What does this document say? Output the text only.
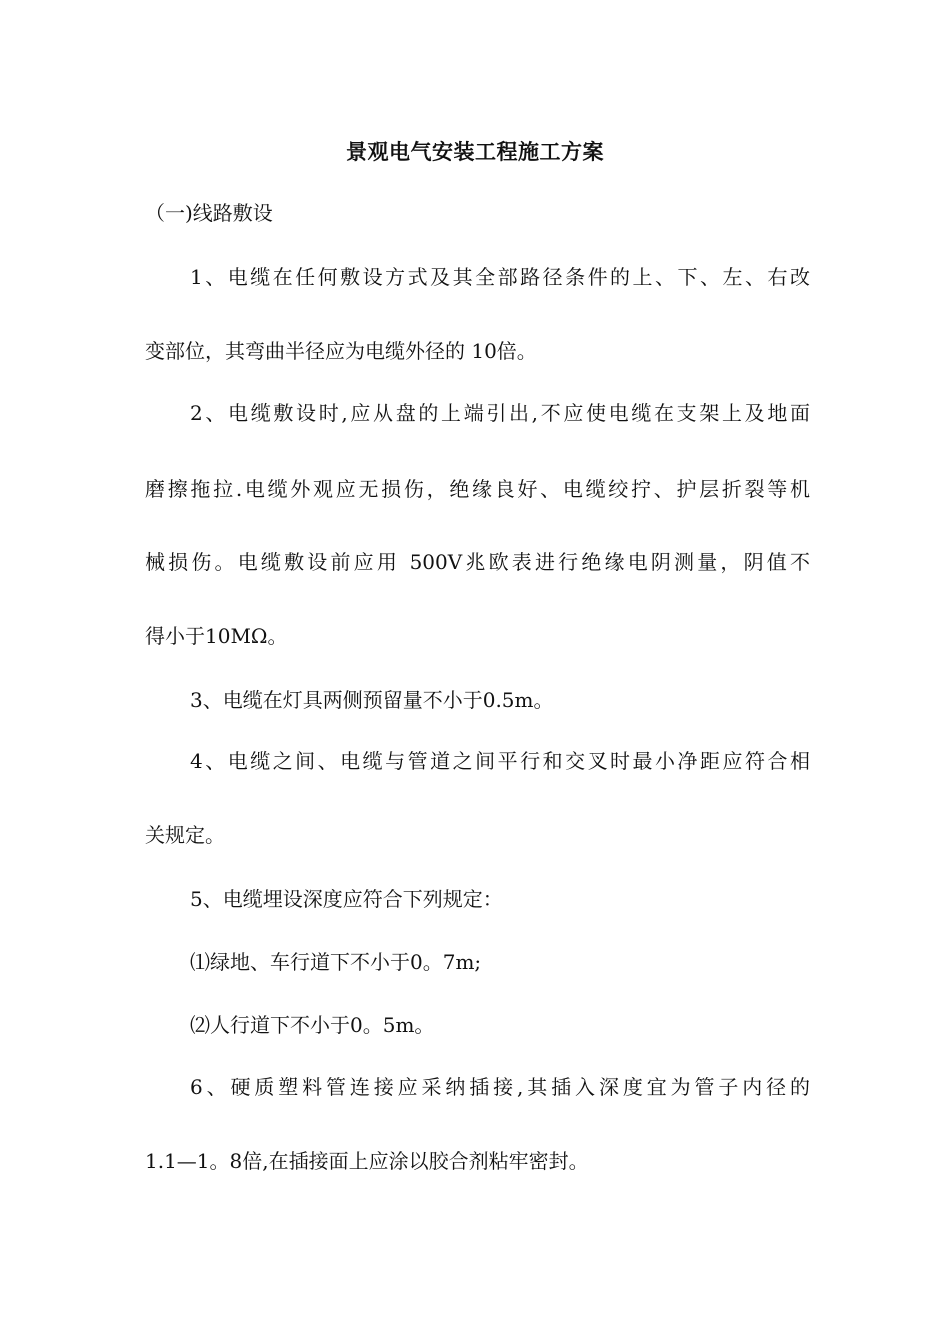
景观电气安装工程施工方案
（一)线路敷设
1、电缆在任何敷设方式及其全部路径条件的上、下、左、右改
变部位，其弯曲半径应为电缆外径的 10倍。
2、电缆敷设时,应从盘的上端引出,不应使电缆在支架上及地面
磨擦拖拉.电缆外观应无损伤，绝缘良好、电缆绞拧、护层折裂等机
械损伤。电缆敷设前应用 500V兆欧表进行绝缘电阴测量，阴值不
得小于10MΩ。
3、电缆在灯具两侧预留量不小于0.5m。
4、电缆之间、电缆与管道之间平行和交叉时最小净距应符合相
关规定。
5、电缆埋设深度应符合下列规定：
⑴绿地、车行道下不小于0。7m;
⑵人行道下不小于0。5m。
6、硬质塑料管连接应采纳插接,其插入深度宜为管子内径的
1.1—1。8倍,在插接面上应涂以胶合剂粘牢密封。
